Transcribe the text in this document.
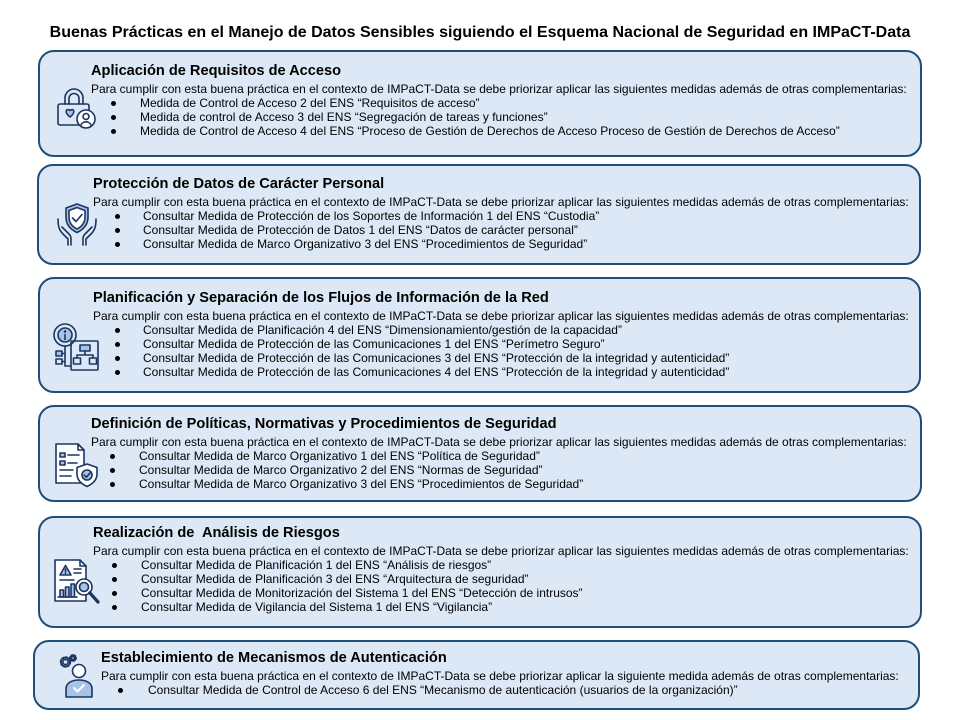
Buenas Prácticas en el Manejo de Datos Sensibles siguiendo el Esquema Nacional de Seguridad en IMPaCT-Data
Aplicación de Requisitos de Acceso

Para cumplir con esta buena práctica en el contexto de IMPaCT-Data se debe priorizar aplicar las siguientes medidas además de otras complementarias:

Medida de Control de Acceso 2 del ENS “Requisitos de acceso”
Medida de control de Acceso 3 del ENS “Segregación de tareas y funciones”
Medida de Control de Acceso 4 del ENS “Proceso de Gestión de Derechos de Acceso Proceso de Gestión de Derechos de Acceso”
Protección de Datos de Carácter Personal

Para cumplir con esta buena práctica en el contexto de IMPaCT-Data se debe priorizar aplicar las siguientes medidas además de otras complementarias:

Consultar Medida de Protección de los Soportes de Información 1 del ENS “Custodia”
Consultar Medida de Protección de Datos 1 del ENS “Datos de carácter personal”
Consultar Medida de Marco Organizativo 3 del ENS “Procedimientos de Seguridad”
Planificación y Separación de los Flujos de Información de la Red

Para cumplir con esta buena práctica en el contexto de IMPaCT-Data se debe priorizar aplicar las siguientes medidas además de otras complementarias:

Consultar Medida de Planificación 4 del ENS “Dimensionamiento/gestión de la capacidad”
Consultar Medida de Protección de las Comunicaciones 1 del ENS “Perímetro Seguro”
Consultar Medida de Protección de las Comunicaciones 3 del ENS “Protección de la integridad y autenticidad”
Consultar Medida de Protección de las Comunicaciones 4 del ENS “Protección de la integridad y autenticidad”
Definición de Políticas, Normativas y Procedimientos de Seguridad

Para cumplir con esta buena práctica en el contexto de IMPaCT-Data se debe priorizar aplicar las siguientes medidas además de otras complementarias:

Consultar Medida de Marco Organizativo 1 del ENS “Política de Seguridad”
Consultar Medida de Marco Organizativo 2 del ENS “Normas de Seguridad”
Consultar Medida de Marco Organizativo 3 del ENS “Procedimientos de Seguridad”
Realización de  Análisis de Riesgos

Para cumplir con esta buena práctica en el contexto de IMPaCT-Data se debe priorizar aplicar las siguientes medidas además de otras complementarias:

Consultar Medida de Planificación 1 del ENS “Análisis de riesgos”
Consultar Medida de Planificación 3 del ENS “Arquitectura de seguridad”
Consultar Medida de Monitorización del Sistema 1 del ENS “Detección de intrusos”
Consultar Medida de Vigilancia del Sistema 1 del ENS “Vigilancia”
Establecimiento de Mecanismos de Autenticación

Para cumplir con esta buena práctica en el contexto de IMPaCT-Data se debe priorizar aplicar la siguiente medida además de otras complementarias:

Consultar Medida de Control de Acceso 6 del ENS “Mecanismo de autenticación (usuarios de la organización)”
